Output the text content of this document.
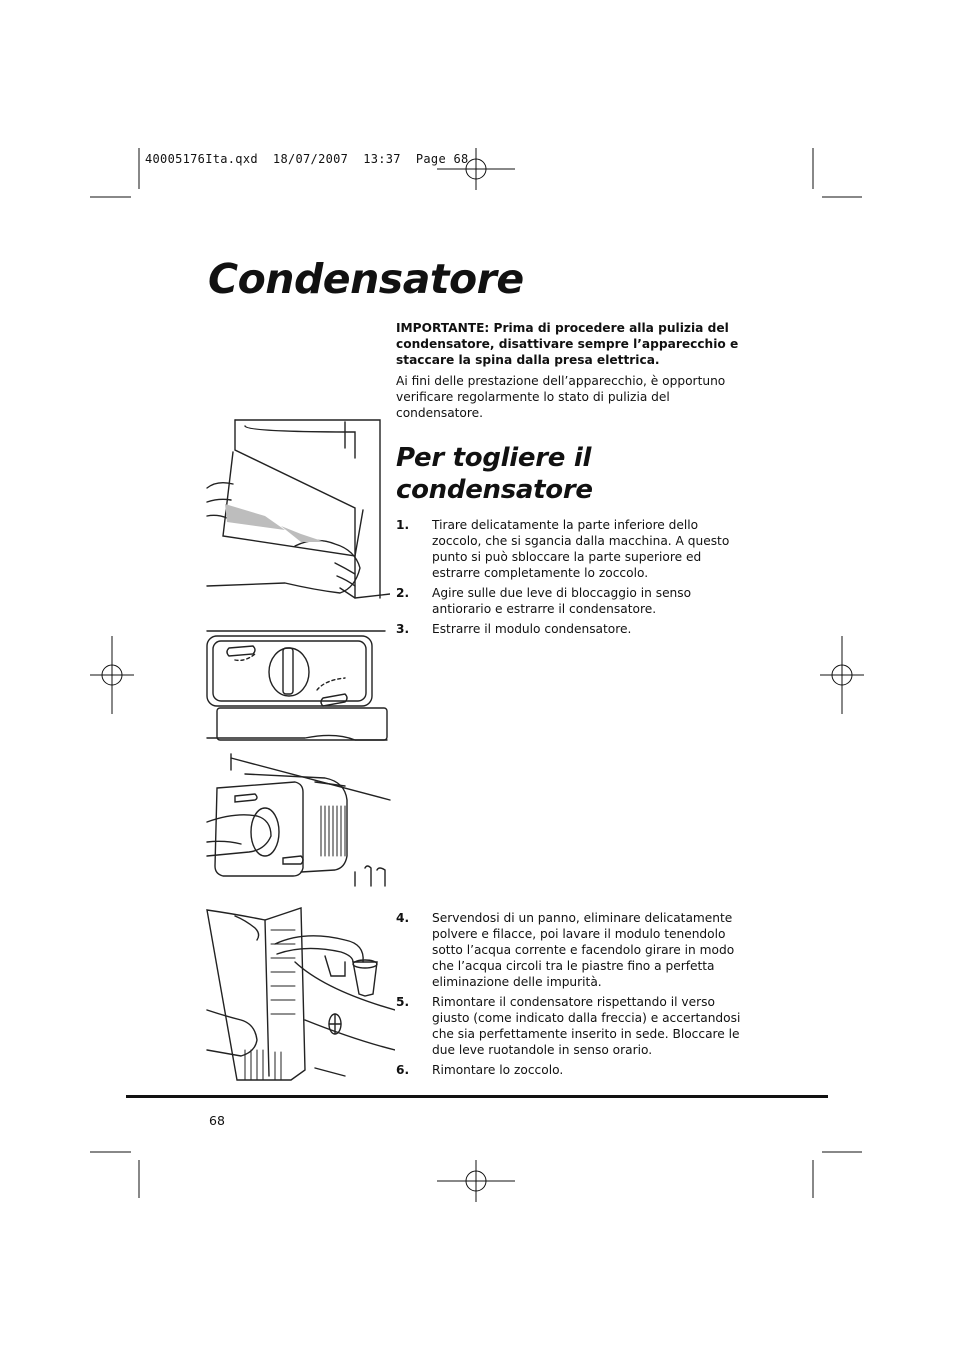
40005176Ita.qxd  18/07/2007  13:37  Page 68
Condensatore

IMPORTANTE: Prima di procedere alla pulizia del condensatore, disattivare sempre l’apparecchio e staccare la spina dalla presa elettrica.

Ai fini delle prestazione dell’apparecchio, è opportuno verificare regolarmente lo stato di pulizia del condensatore.

Per togliere il condensatore
1.	Tirare delicatamente la parte inferiore dello zoccolo, che si sgancia dalla macchina. A questo punto si può sbloccare la parte superiore ed estrarre completamente lo zoccolo.
2.	Agire sulle due leve di bloccaggio in senso antiorario e estrarre il condensatore.
3.	Estrarre il modulo condensatore.
4.	Servendosi di un panno, eliminare delicatamente polvere e filacce, poi lavare il modulo tenendolo sotto l’acqua corrente e facendolo girare in modo che l’acqua circoli tra le piastre fino a perfetta eliminazione delle impurità.
5.	Rimontare il condensatore rispettando il verso giusto (come indicato dalla freccia) e accertandosi che sia perfettamente inserito in sede. Bloccare le due leve ruotandole in senso orario.
6.	Rimontare lo zoccolo.
68
